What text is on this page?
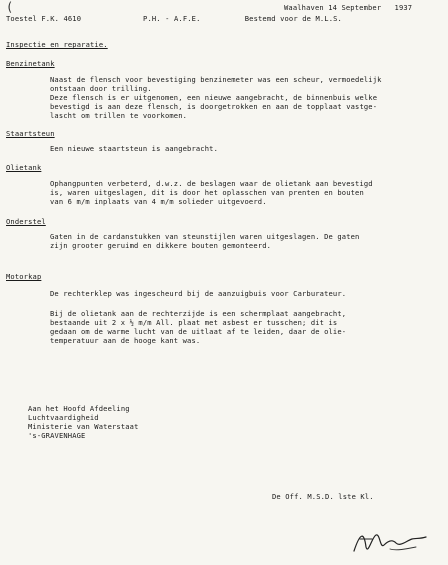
(	Waalhaven 14 September   1937
Toestel F.K. 4610              P.H. - A.F.E.          Bestemd voor de M.L.S.
Inspectie en reparatie.
Benzinetank
Naast de flensch voor bevestiging benzinemeter was een scheur, vermoedelijk
ontstaan door trilling.
Deze flensch is er uitgenomen, een nieuwe aangebracht, de binnenbuis welke
bevestigd is aan deze flensch, is doorgetrokken en aan de topplaat vastge-
lascht om trillen te voorkomen.
Staartsteun
Een nieuwe staartsteun is aangebracht.
Olietank
Ophangpunten verbeterd, d.w.z. de beslagen waar de olietank aan bevestigd
is, waren uitgeslagen, dit is door het oplasschen van prenten en bouten
van 6 m/m inplaats van 4 m/m solieder uitgevoerd.
Onderstel
Gaten in de cardanstukken van steunstijlen waren uitgeslagen. De gaten
zijn grooter geruimd en dikkere bouten gemonteerd.
Motorkap
De rechterklep was ingescheurd bij de aanzuigbuis voor Carburateur.
Bij de olietank aan de rechterzijde is een schermplaat aangebracht,
bestaande uit 2 x ½ m/m All. plaat met asbest er tusschen; dit is
gedaan om de warme lucht van de uitlaat af te leiden, daar de olie-
temperatuur aan de hooge kant was.
Aan het Hoofd Afdeeling
Luchtvaardigheid
Ministerie van Waterstaat
's-GRAVENHAGE
De Off. M.S.D. lste Kl.
